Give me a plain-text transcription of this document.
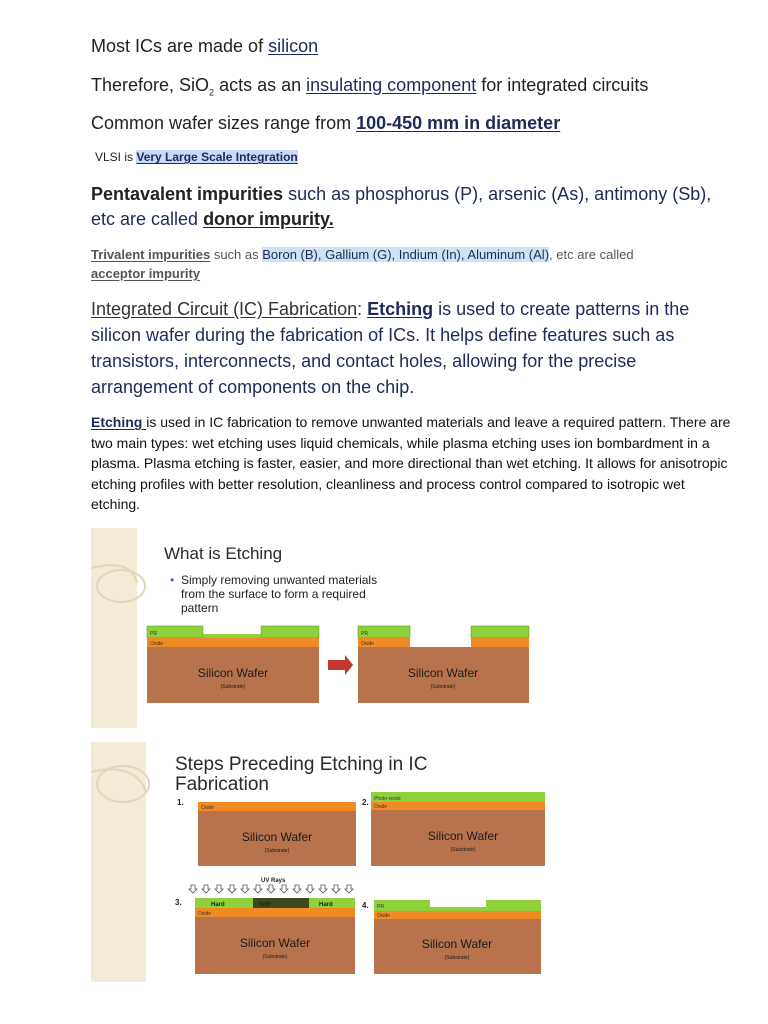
Most ICs are made of silicon
Therefore, SiO$_2$ acts as an insulating component for integrated circuits
Common wafer sizes range from 100-450 mm in diameter
VLSI is Very Large Scale Integration
Pentavalent impurities such as phosphorus (P), arsenic (As), antimony (Sb), etc are called donor impurity.
Trivalent impurities such as Boron (B), Gallium (G), Indium (In), Aluminum (Al), etc are called
acceptor impurity
Integrated Circuit (IC) Fabrication: Etching is used to create patterns in the silicon wafer during the fabrication of ICs. It helps define features such as transistors, interconnects, and contact holes, allowing for the precise arrangement of components on the chip.
Etching is used in IC fabrication to remove unwanted materials and leave a required pattern. There are two main types: wet etching uses liquid chemicals, while plasma etching uses ion bombardment in a plasma. Plasma etching is faster, easier, and more directional than wet etching. It allows for anisotropic etching profiles with better resolution, cleanliness and process control compared to isotropic wet etching.
What is Etching
• Simply removing unwanted materials
from the surface to form a required
pattern
PR
Oxide
Silicon Wafer
(Substrate)
PR
Oxide
Silicon Wafer
(Substrate)
Steps Preceding Etching in IC
Fabrication
1.
Oxide
Silicon Wafer
(Substrate)
2. Photo-resist
Oxide
Silicon Wafer
(Substrate)
UV Rays
3.	Hard	Soft	Hard
Oxide
Silicon Wafer
(Substrate)
4. PR
Oxide
Silicon Wafer
(Substrate)
